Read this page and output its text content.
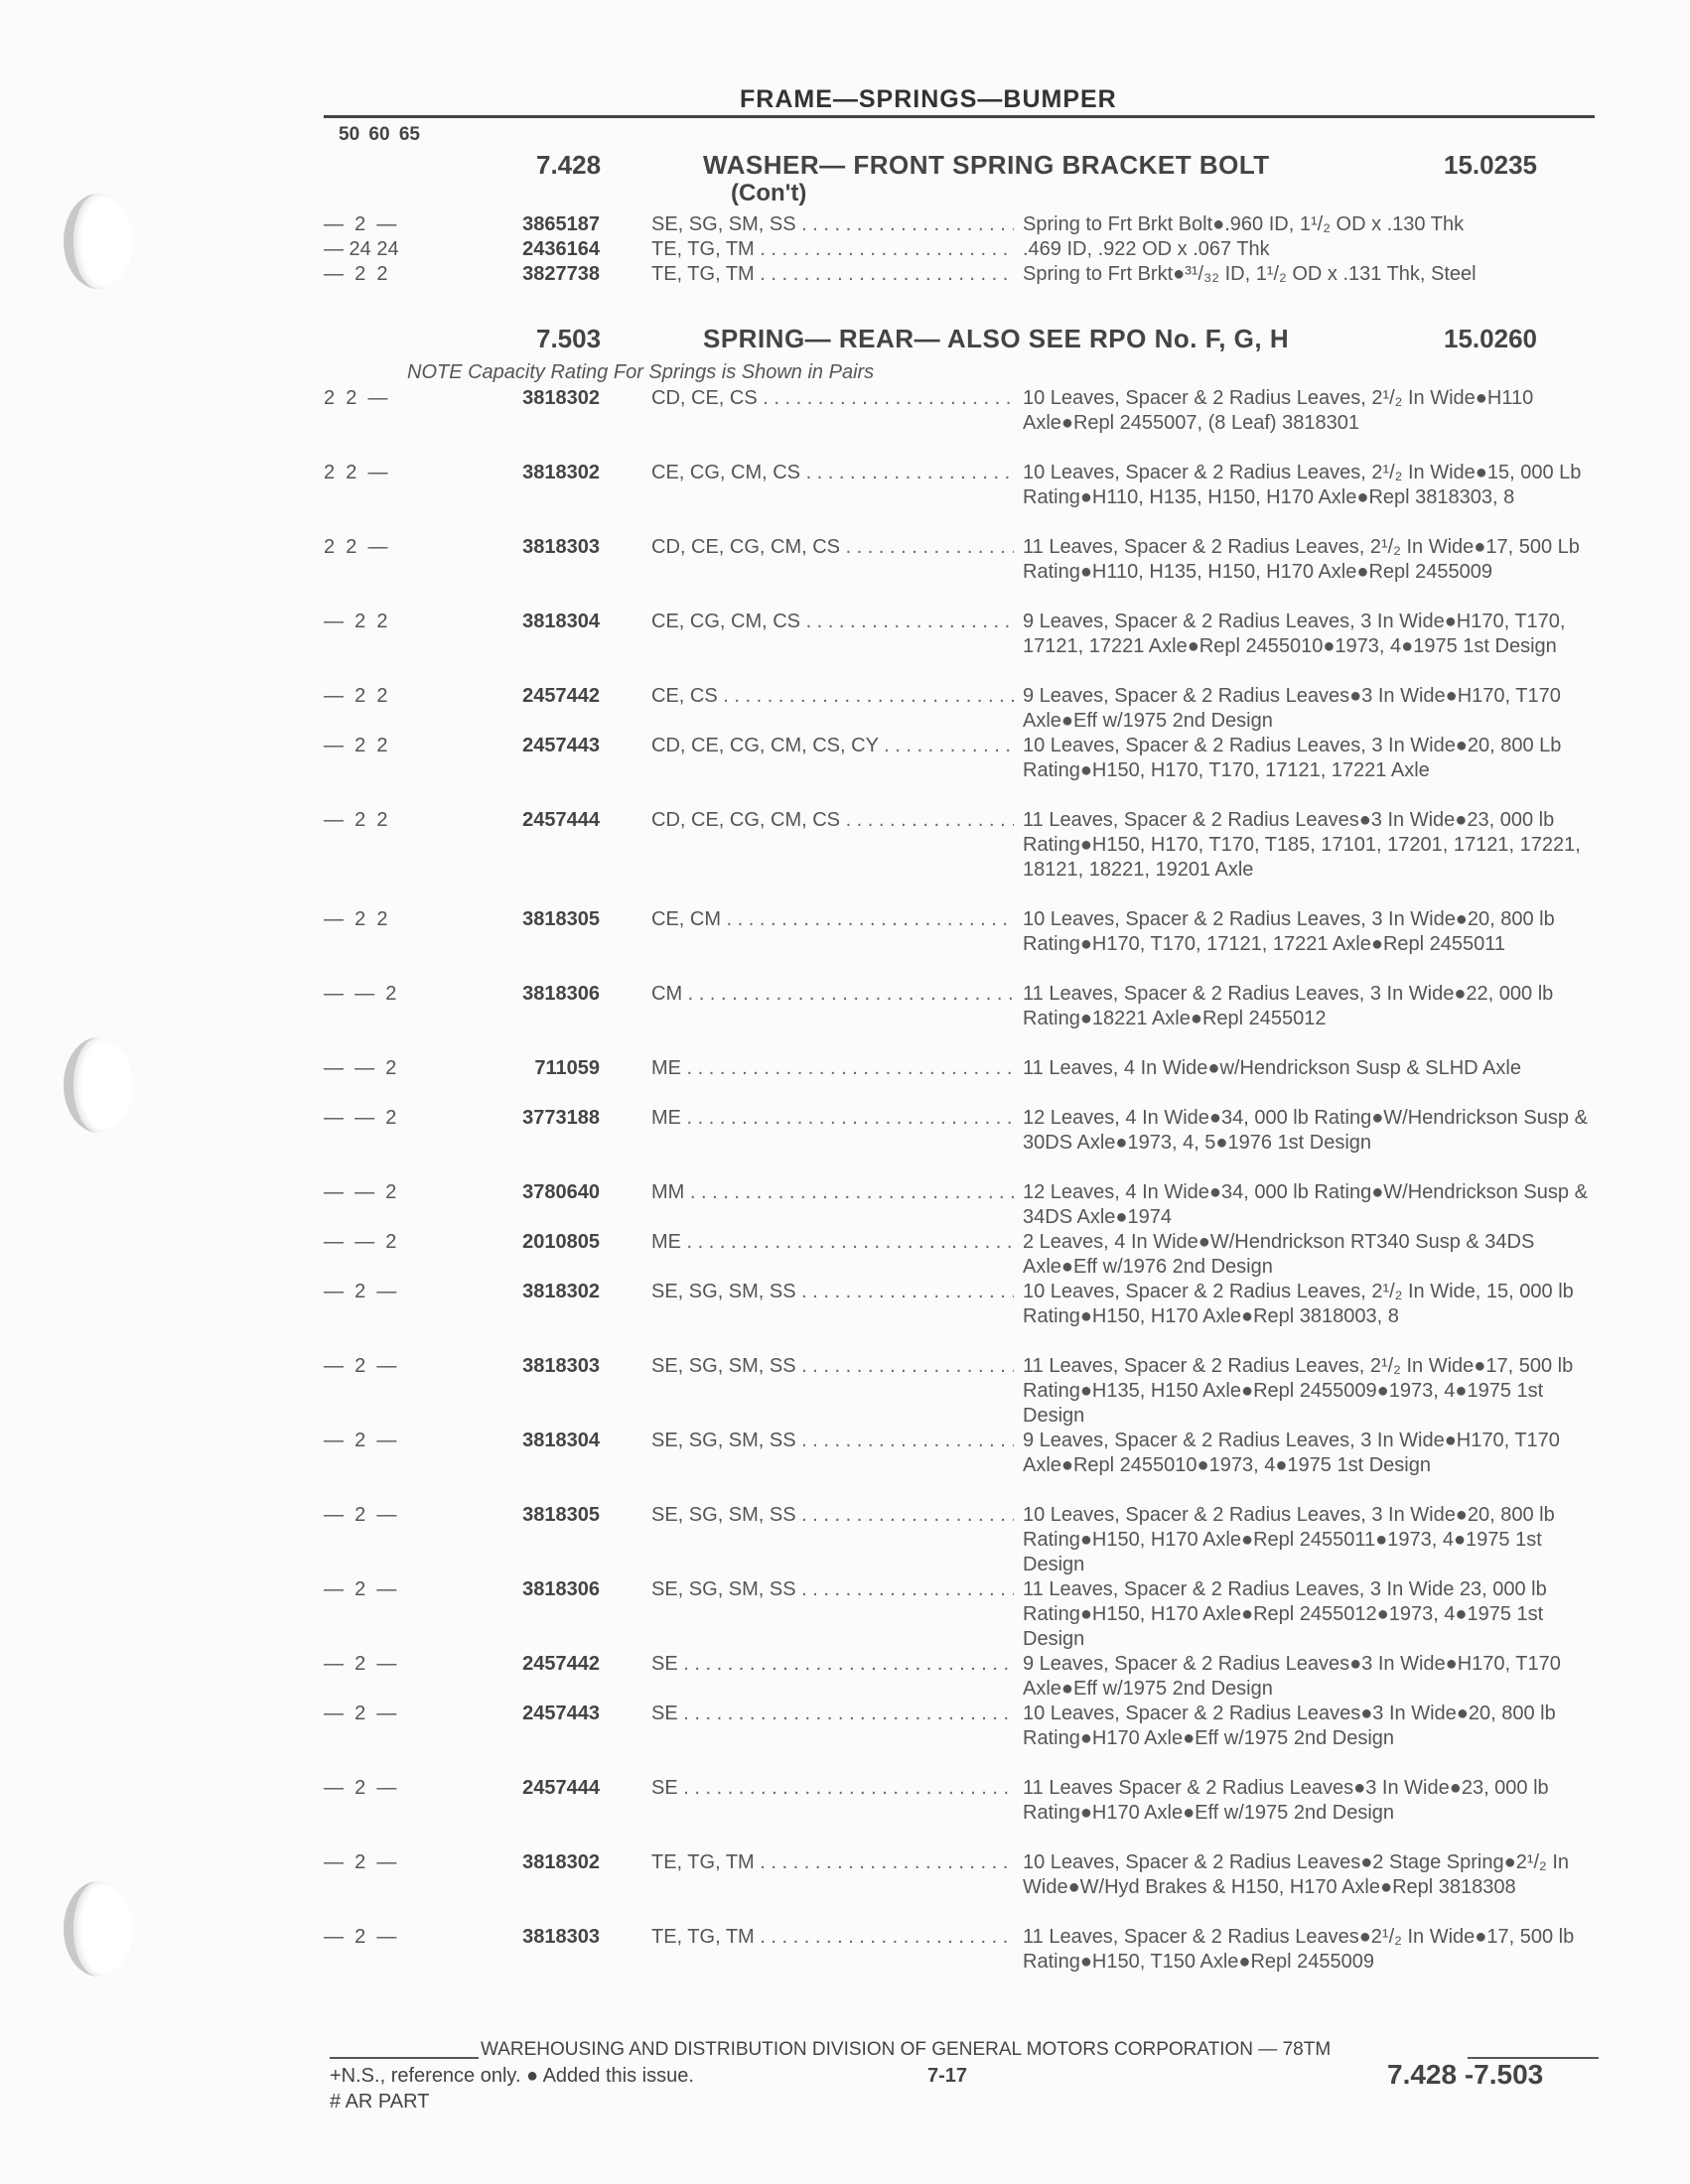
FRAME—SPRINGS—BUMPER
50 60 65
7.428	WASHER— FRONT SPRING BRACKET BOLT
(Con't)
15.0235
—  2  —	3865187	SE, SG, SM, SS . . .	Spring to Frt Brkt Bolt●.960 ID, 1¹/₂ OD x .130 Thk
— 24 24	2436164	TE, TG, TM . . .	.469 ID, .922 OD x .067 Thk
—  2  2	3827738	TE, TG, TM . . .	Spring to Frt Brkt●³¹/₃₂ ID, 1¹/₂ OD x .131 Thk, Steel
7.503	SPRING— REAR— ALSO SEE RPO No. F, G, H	15.0260
NOTE Capacity Rating For Springs is Shown in Pairs
2  2  —	3818302	CD, CE, CS . . .	10 Leaves, Spacer & 2 Radius Leaves, 2¹/₂ In Wide●H110 Axle●Repl 2455007, (8 Leaf) 3818301
2  2  —	3818302	CE, CG, CM, CS . . .	10 Leaves, Spacer & 2 Radius Leaves, 2¹/₂ In Wide●15, 000 Lb Rating●H110, H135, H150, H170 Axle●Repl 3818303, 8
2  2  —	3818303	CD, CE, CG, CM, CS . . .	11 Leaves, Spacer & 2 Radius Leaves, 2¹/₂ In Wide●17, 500 Lb Rating●H110, H135, H150, H170 Axle●Repl 2455009
—  2  2	3818304	CE, CG, CM, CS . . .	9 Leaves, Spacer & 2 Radius Leaves, 3 In Wide●H170, T170, 17121, 17221 Axle●Repl 2455010●1973, 4●1975 1st Design
—  2  2	2457442	CE, CS . . .	9 Leaves, Spacer & 2 Radius Leaves●3 In Wide●H170, T170 Axle●Eff w/1975 2nd Design
—  2  2	2457443	CD, CE, CG, CM, CS, CY . . .	10 Leaves, Spacer & 2 Radius Leaves, 3 In Wide●20, 800 Lb Rating●H150, H170, T170, 17121, 17221 Axle
—  2  2	2457444	CD, CE, CG, CM, CS . . .	11 Leaves, Spacer & 2 Radius Leaves●3 In Wide●23, 000 lb Rating●H150, H170, T170, T185, 17101, 17201, 17121, 17221, 18121, 18221, 19201 Axle
—  2  2	3818305	CE, CM . . .	10 Leaves, Spacer & 2 Radius Leaves, 3 In Wide●20, 800 lb Rating●H170, T170, 17121, 17221 Axle●Repl 2455011
—  —  2	3818306	CM . . .	11 Leaves, Spacer & 2 Radius Leaves, 3 In Wide●22, 000 lb Rating●18221 Axle●Repl 2455012
—  —  2	711059	ME . . .	11 Leaves, 4 In Wide●w/Hendrickson Susp & SLHD Axle
—  —  2	3773188	ME . . .	12 Leaves, 4 In Wide●34, 000 lb Rating●W/Hendrickson Susp & 30DS Axle●1973, 4, 5●1976 1st Design
—  —  2	3780640	MM . . .	12 Leaves, 4 In Wide●34, 000 lb Rating●W/Hendrickson Susp & 34DS Axle●1974
—  —  2	2010805	ME . . .	2 Leaves, 4 In Wide●W/Hendrickson RT340 Susp & 34DS Axle●Eff w/1976 2nd Design
—  2  —	3818302	SE, SG, SM, SS . . .	10 Leaves, Spacer & 2 Radius Leaves, 2¹/₂ In Wide, 15, 000 lb Rating●H150, H170 Axle●Repl 3818003, 8
—  2  —	3818303	SE, SG, SM, SS . . .	11 Leaves, Spacer & 2 Radius Leaves, 2¹/₂ In Wide●17, 500 lb Rating●H135, H150 Axle●Repl 2455009●1973, 4●1975 1st Design
—  2  —	3818304	SE, SG, SM, SS . . .	9 Leaves, Spacer & 2 Radius Leaves, 3 In Wide●H170, T170 Axle●Repl 2455010●1973, 4●1975 1st Design
—  2  —	3818305	SE, SG, SM, SS . . .	10 Leaves, Spacer & 2 Radius Leaves, 3 In Wide●20, 800 lb Rating●H150, H170 Axle●Repl 2455011●1973, 4●1975 1st Design
—  2  —	3818306	SE, SG, SM, SS . . .	11 Leaves, Spacer & 2 Radius Leaves, 3 In Wide 23, 000 lb Rating●H150, H170 Axle●Repl 2455012●1973, 4●1975 1st Design
—  2  —	2457442	SE . . .	9 Leaves, Spacer & 2 Radius Leaves●3 In Wide●H170, T170 Axle●Eff w/1975 2nd Design
—  2  —	2457443	SE . . .	10 Leaves, Spacer & 2 Radius Leaves●3 In Wide●20, 800 lb Rating●H170 Axle●Eff w/1975 2nd Design
—  2  —	2457444	SE . . .	11 Leaves Spacer & 2 Radius Leaves●3 In Wide●23, 000 lb Rating●H170 Axle●Eff w/1975 2nd Design
—  2  —	3818302	TE, TG, TM . . .	10 Leaves, Spacer & 2 Radius Leaves●2 Stage Spring●2¹/₂ In Wide●W/Hyd Brakes & H150, H170 Axle●Repl 3818308
—  2  —	3818303	TE, TG, TM . . .	11 Leaves, Spacer & 2 Radius Leaves●2¹/₂ In Wide●17, 500 lb Rating●H150, T150 Axle●Repl 2455009
WAREHOUSING AND DISTRIBUTION DIVISION OF GENERAL MOTORS CORPORATION — 78TM
+N.S., reference only. ● Added this issue.	7-17	7.428 -7.503
# AR PART
